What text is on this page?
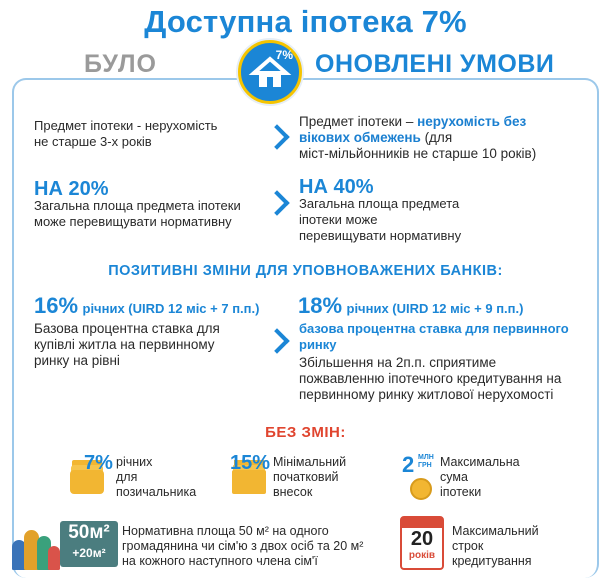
Доступна іпотека 7%
БУЛО	7% ОНОВЛЕНІ УМОВИ
Предмет іпотеки - нерухомість
не старше 3-х років
Предмет іпотеки – нерухомість без
вікових обмежень (для
міст-мільйонників не старше 10 років)
НА 20%
Загальна площа предмета іпотеки
може перевищувати нормативну
НА 40%
Загальна площа предмета
іпотеки може
перевищувати нормативну
ПОЗИТИВНІ ЗМІНИ ДЛЯ УПОВНОВАЖЕНИХ БАНКІВ:
16% річних (UIRD 12 міс + 7 п.п.)
Базова процентна ставка для
купівлі житла на первинному
ринку на рівні
18% річних (UIRD 12 міс + 9 п.п.)
базова процентна ставка для первинного
ринку
Збільшення на 2п.п. сприятиме
пожвавленню іпотечного кредитування на
первинному ринку житлової нерухомості
БЕЗ ЗМІН:
7% річних
для
позичальника
15% Мінімальний
початковий
внесок
2 МЛН
ГРН Максимальна
сума
іпотеки
50м²
+20м²
Нормативна площа 50 м² на одного
громадянина чи сім'ю з двох осіб та 20 м²
на кожного наступного члена сім'ї
20
років
Максимальний
строк
кредитування
